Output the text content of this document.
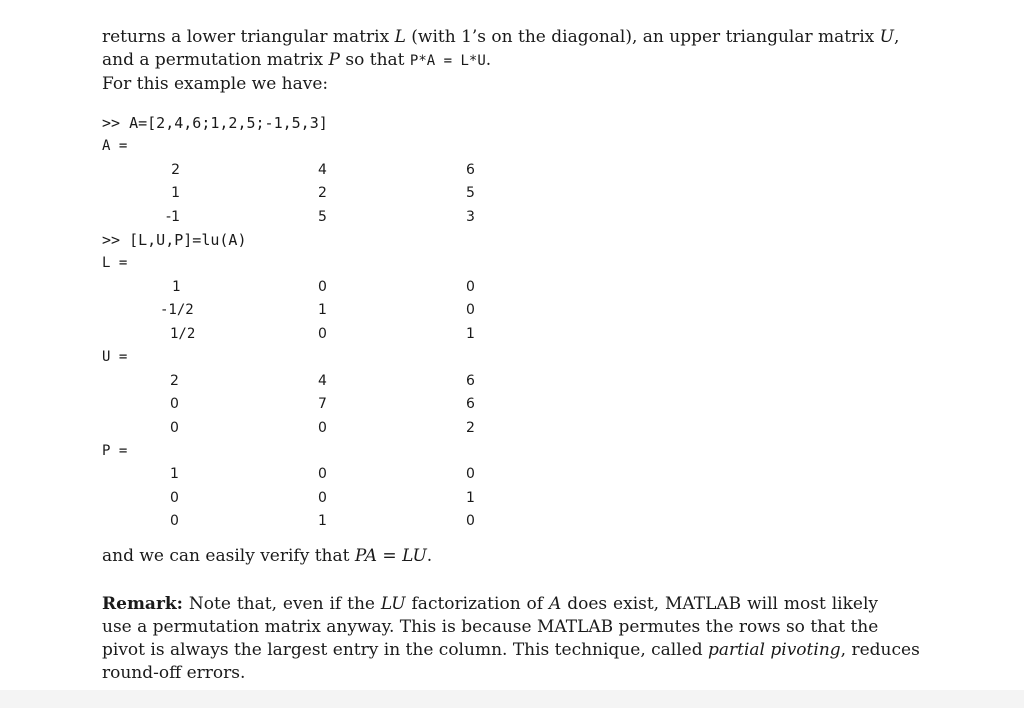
returns a lower triangular matrix L (with 1’s on the diagonal), an upper triangular matrix U,
and a permutation matrix P so that P*A = L*U.
For this example we have:
>> A=[2,4,6;1,2,5;-1,5,3]
A =
2	4	6
1	2	5
-1	5	3
>> [L,U,P]=lu(A)
L =
1	0	0
-1/2	1	0
1/2	0	1
U =
2	4	6
0	7	6
0	0	2
P =
1	0	0
0	0	1
0	1	0
and we can easily verify that PA = LU.
Remark: Note that, even if the LU factorization of A does exist, MATLAB will most likely
use a permutation matrix anyway. This is because MATLAB permutes the rows so that the
pivot is always the largest entry in the column. This technique, called partial pivoting, reduces
round-off errors.
